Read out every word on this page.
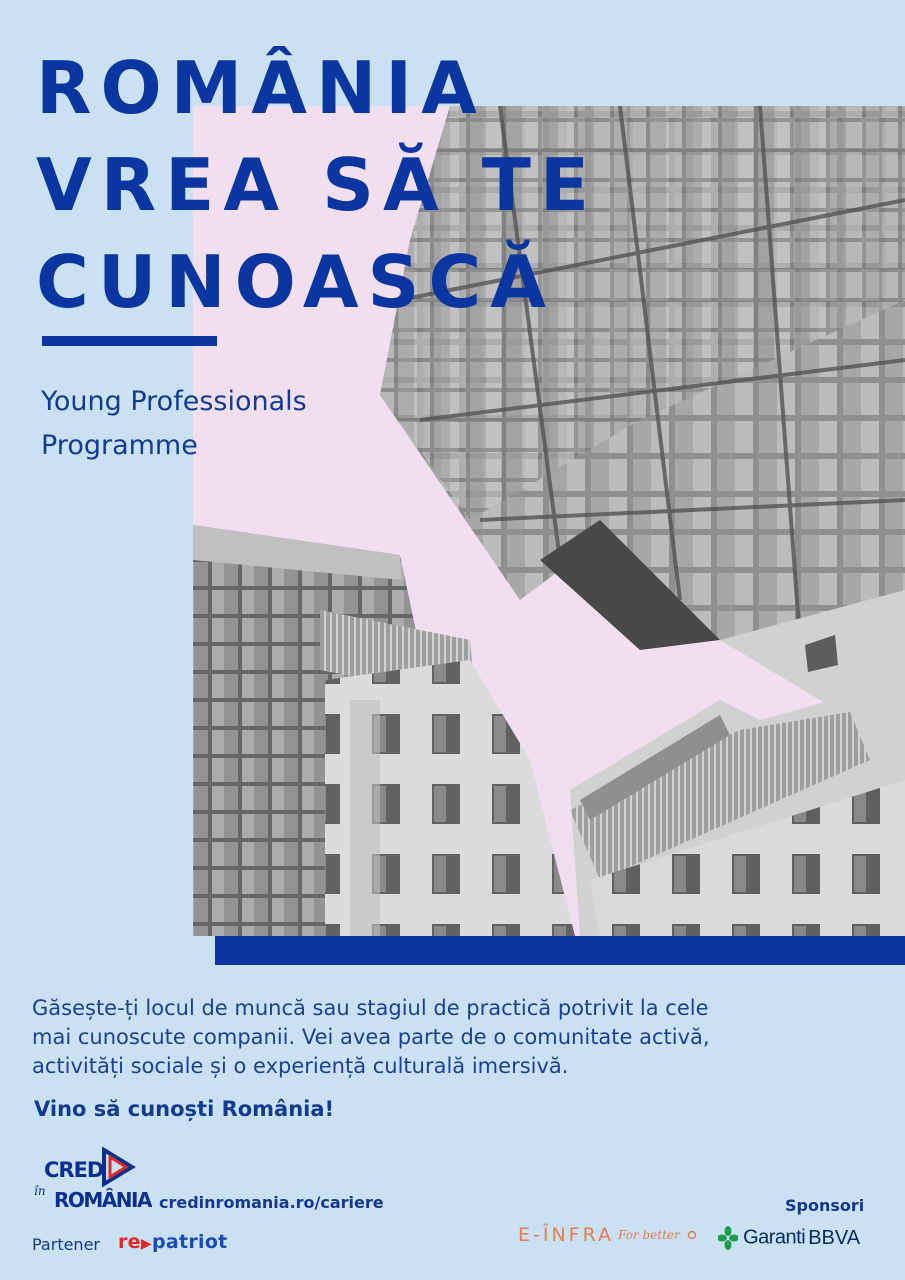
ROMÂNIA
VREA SĂ TE
CUNOASCĂ
Young Professionals
Programme
Găsește-ți locul de muncă sau stagiul de practică potrivit la cele
mai cunoscute companii. Vei avea parte de o comunitate activă,
activități sociale și o experiență culturală imersivă.
Vino să cunoști România!
CRED
în ROMÂNIA credinromania.ro/cariere
Partener re▶patriot
Sponsori
E-ÎNFRA For better	Garanti BBVA
